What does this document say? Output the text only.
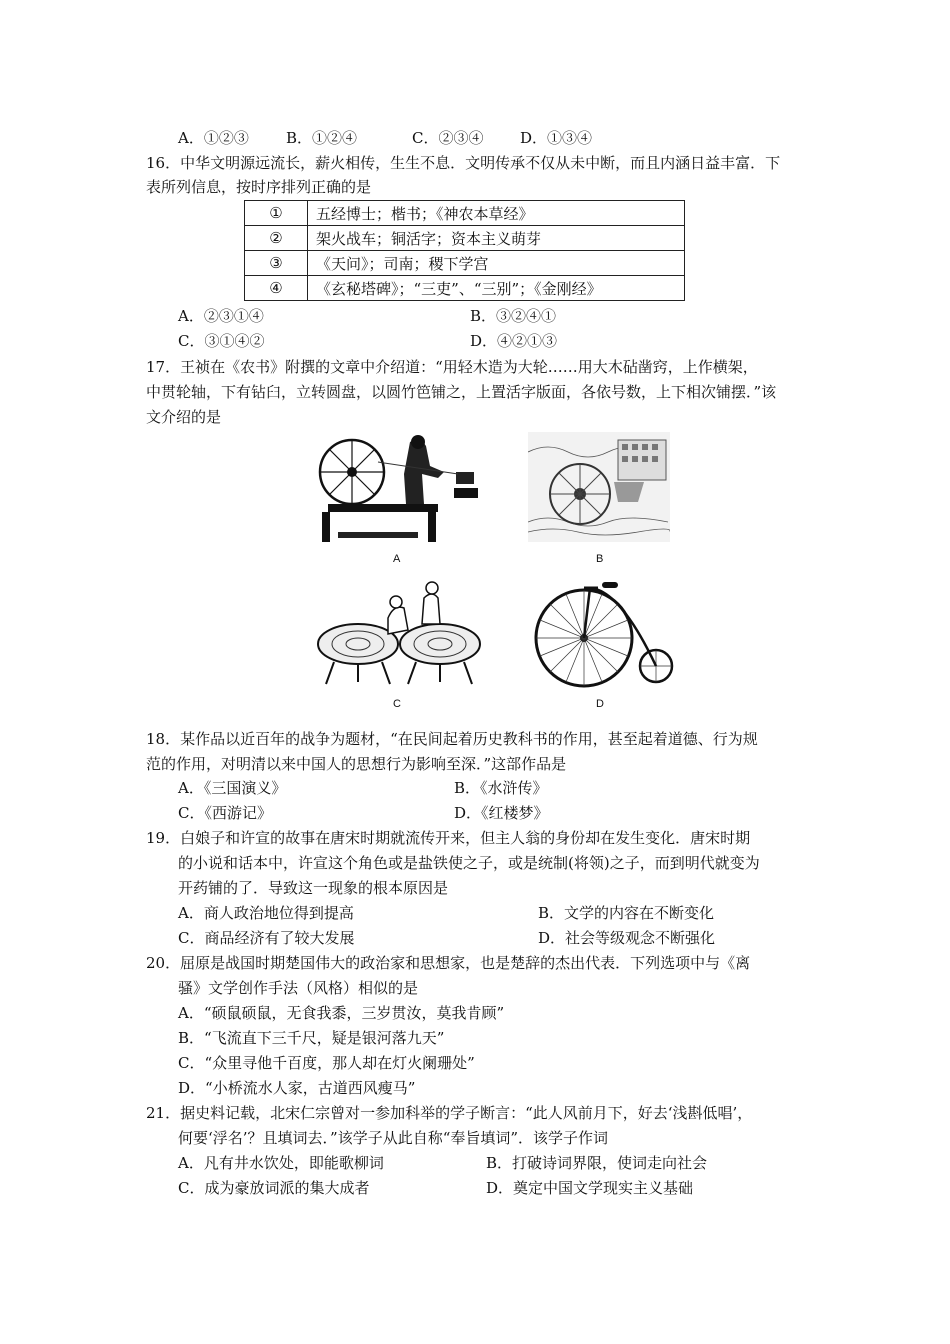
A．①②③ B．①②④	C．②③④ D．①③④
16．中华文明源远流长，薪火相传，生生不息．文明传承不仅从未中断，而且内涵日益丰富．下
表所列信息，按时序排列正确的是
①	五经博士；楷书；《神农本草经》
②	架火战车；铜活字；资本主义萌芽
③	《天问》；司南；稷下学宫
④	《玄秘塔碑》；“三吏”、“三别”；《金刚经》
A．②③①④	B．③②④①
C．③①④②	D．④②①③
17．王祯在《农书》附撰的文章中介绍道：“用轻木造为大轮……用大木砧凿窍，上作横架，
中贯轮轴，下有钻臼，立转圆盘，以圆竹笆铺之，上置活字版面，各依号数，上下相次铺摆．”该
文介绍的是
A	B
C	D
18．某作品以近百年的战争为题材，“在民间起着历史教科书的作用，甚至起着道德、行为规
范的作用，对明清以来中国人的思想行为影响至深．”这部作品是
A．《三国演义》	B．《水浒传》
C．《西游记》	D．《红楼梦》
19．白娘子和许宣的故事在唐宋时期就流传开来，但主人翁的身份却在发生变化．唐宋时期
的小说和话本中，许宣这个角色或是盐铁使之子，或是统制(将领)之子，而到明代就变为
开药铺的了．导致这一现象的根本原因是
A．商人政治地位得到提高	B．文学的内容在不断变化
C．商品经济有了较大发展	D．社会等级观念不断强化
20．屈原是战国时期楚国伟大的政治家和思想家，也是楚辞的杰出代表．下列选项中与《离
骚》文学创作手法（风格）相似的是
A．“硕鼠硕鼠，无食我黍，三岁贯汝，莫我肯顾”
B．“飞流直下三千尺，疑是银河落九天”
C．“众里寻他千百度，那人却在灯火阑珊处”
D．“小桥流水人家，古道西风瘦马”
21．据史料记载，北宋仁宗曾对一参加科举的学子断言：“此人风前月下，好去‘浅斟低唱’，
何要‘浮名’？且填词去．”该学子从此自称“奉旨填词”．该学子作词
A．凡有井水饮处，即能歌柳词	B．打破诗词界限，使词走向社会
C．成为豪放词派的集大成者	D．奠定中国文学现实主义基础
